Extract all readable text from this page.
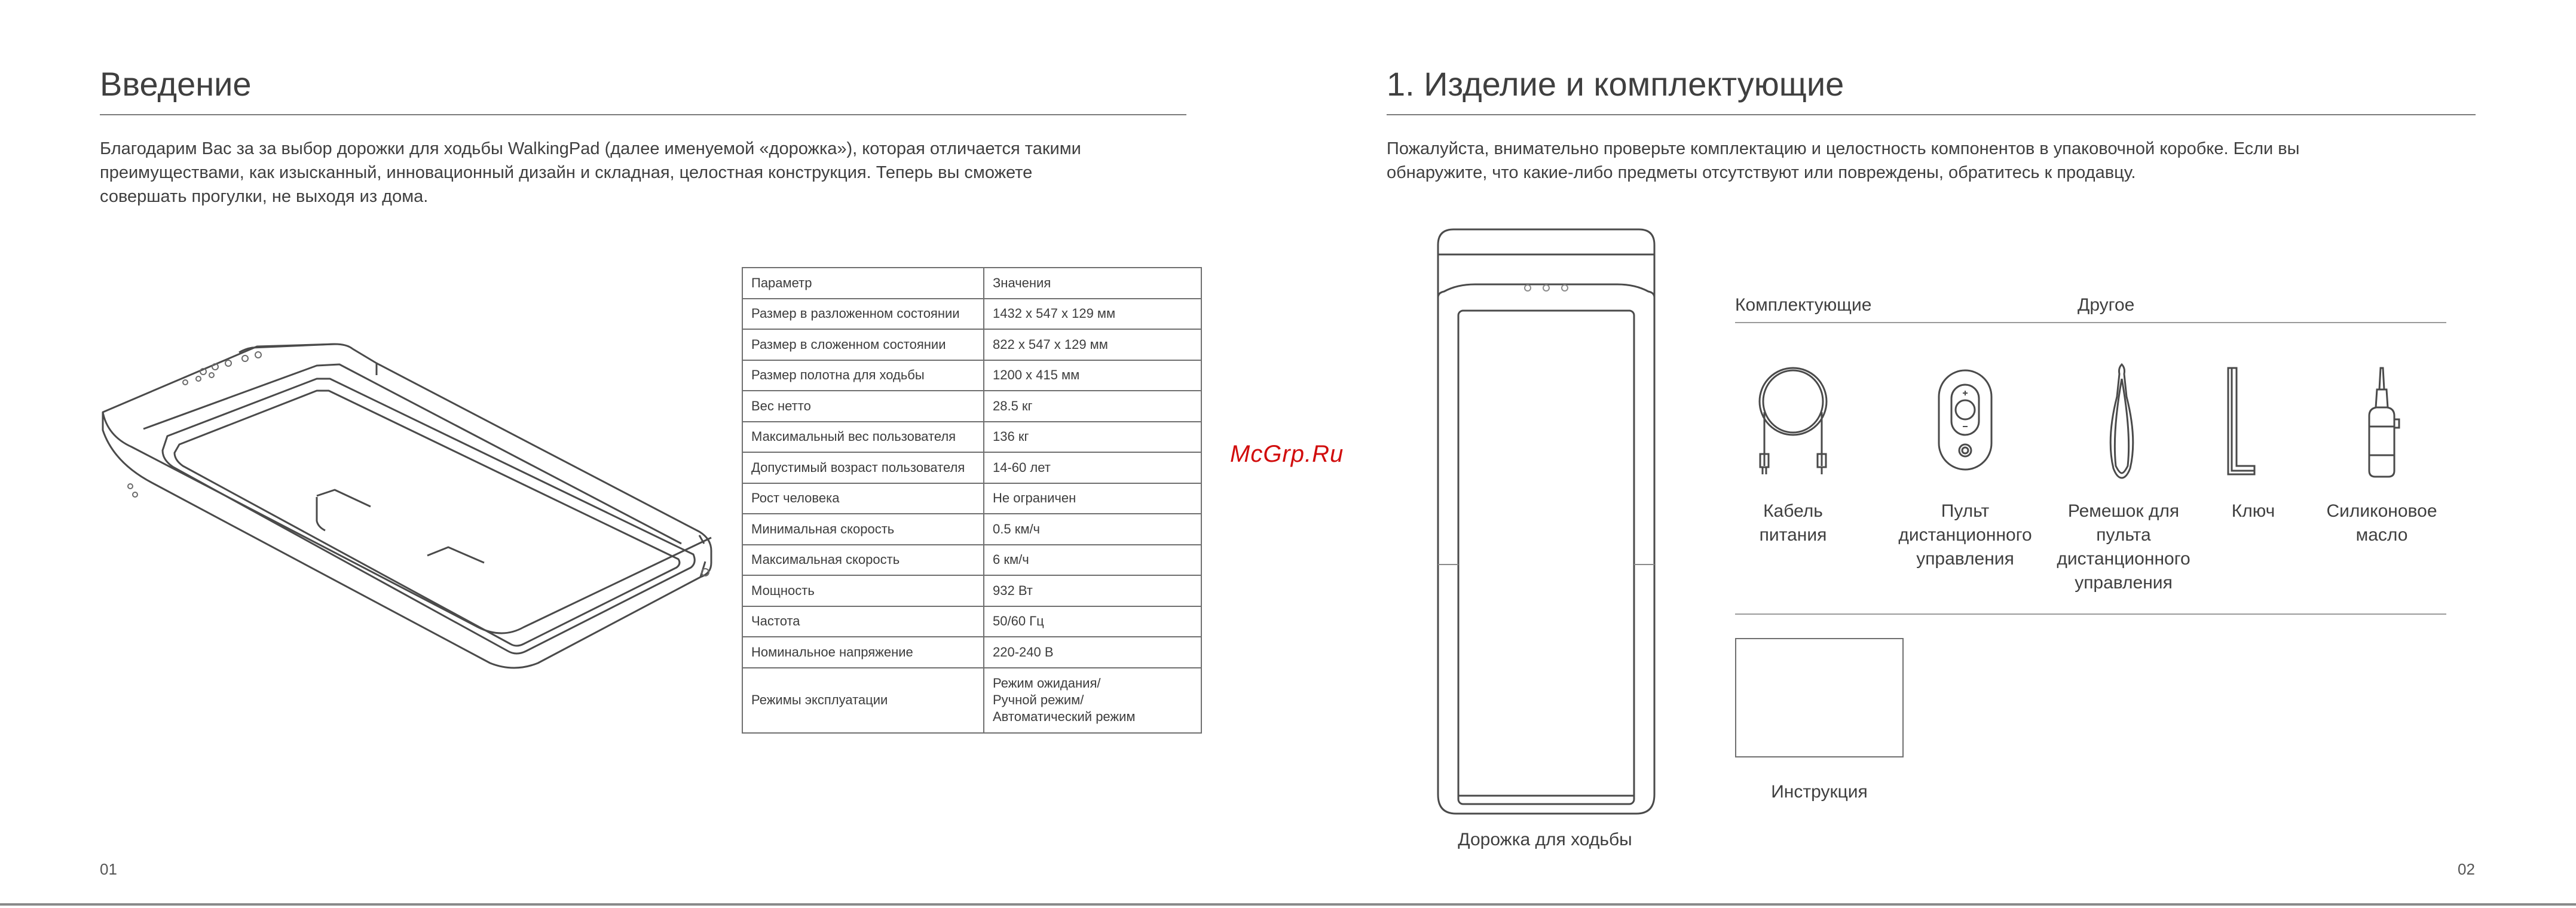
Введение
Благодарим Вас за за выбор дорожки для ходьбы WalkingPad (далее именуемой «дорожка»), которая отличается такими
преимуществами, как изысканный, инновационный дизайн и складная, целостная конструкция. Теперь вы сможете
совершать прогулки, не выходя из дома.
Параметр	Значения
Размер в разложенном состоянии	1432 x 547 x 129 мм
Размер в сложенном состоянии	822 x 547 x 129 мм
Размер полотна для ходьбы	1200 x 415 мм
Вес нетто	28.5 кг
Максимальный вес пользователя	136 кг
Допустимый возраст пользователя	14-60 лет
Рост человека	Не ограничен
Минимальная скорость	0.5 км/ч
Максимальная скорость	6 км/ч
Мощность	932 Вт
Частота	50/60 Гц
Номинальное напряжение	220-240 В
Режимы эксплуатации	Режим ожидания/
Ручной режим/
Автоматический режим
01
McGrp.Ru
1. Изделие и комплектующие
Пожалуйста, внимательно проверьте комплектацию и целостность компонентов в упаковочной коробке. Если вы
обнаружите, что какие-либо предметы отсутствуют или повреждены, обратитесь к продавцу.
Дорожка для ходьбы
Комплектующие	Другое
Кабель
питания
Пульт
дистанционного
управления
Ремешок для
пульта
дистанционного
управления
Ключ	Силиконовое
масло
Инструкция
02
